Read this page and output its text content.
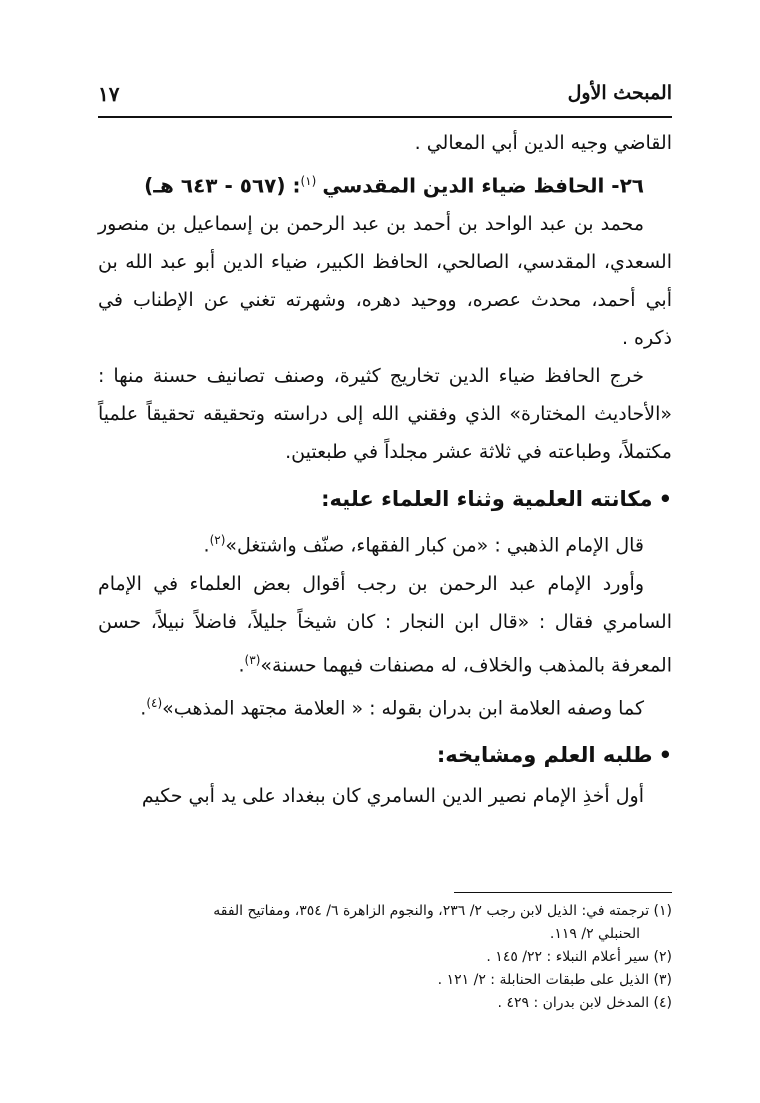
المبحث الأول
١٧

القاضي وجيه الدين أبي المعالي .

٢٦- الحافظ ضياء الدين المقدسي $^{(١)}$: (٥٦٧ - ٦٤٣ هـ)

محمد بن عبد الواحد بن أحمد بن عبد الرحمن بن إسماعيل بن منصور السعدي، المقدسي، الصالحي، الحافظ الكبير، ضياء الدين أبو عبد الله بن أبي أحمد، محدث عصره، ووحيد دهره، وشهرته تغني عن الإطناب في ذكره .

خرج الحافظ ضياء الدين تخاريج كثيرة، وصنف تصانيف حسنة منها : «الأحاديث المختارة» الذي وفقني الله إلى دراسته وتحقيقه تحقيقاً علمياً مكتملاً، وطباعته في ثلاثة عشر مجلداً في طبعتين.

•مكانته العلمية وثناء العلماء عليه:

قال الإمام الذهبي : «من كبار الفقهاء، صنّف واشتغل»$^{(٢)}$.

وأورد الإمام عبد الرحمن بن رجب أقوال بعض العلماء في الإمام السامري فقال : «قال ابن النجار : كان شيخاً جليلاً، فاضلاً نبيلاً، حسن المعرفة بالمذهب والخلاف، له مصنفات فيهما حسنة»$^{(٣)}$.

كما وصفه العلامة ابن بدران بقوله : « العلامة مجتهد المذهب»$^{(٤)}$.

•طلبه العلم ومشايخه:

أول أخذِ الإمام نصير الدين السامري كان ببغداد على يد أبي حكيم

(١) ترجمته في: الذيل لابن رجب ٢/ ٢٣٦، والنجوم الزاهرة ٦/ ٣٥٤، ومفاتيح الفقه

الحنبلي ٢/ ١١٩.

(٢) سير أعلام النبلاء : ٢٢/ ١٤٥ .

(٣) الذيل على طبقات الحنابلة : ٢/ ١٢١ .

(٤) المدخل لابن بدران : ٤٢٩ .
